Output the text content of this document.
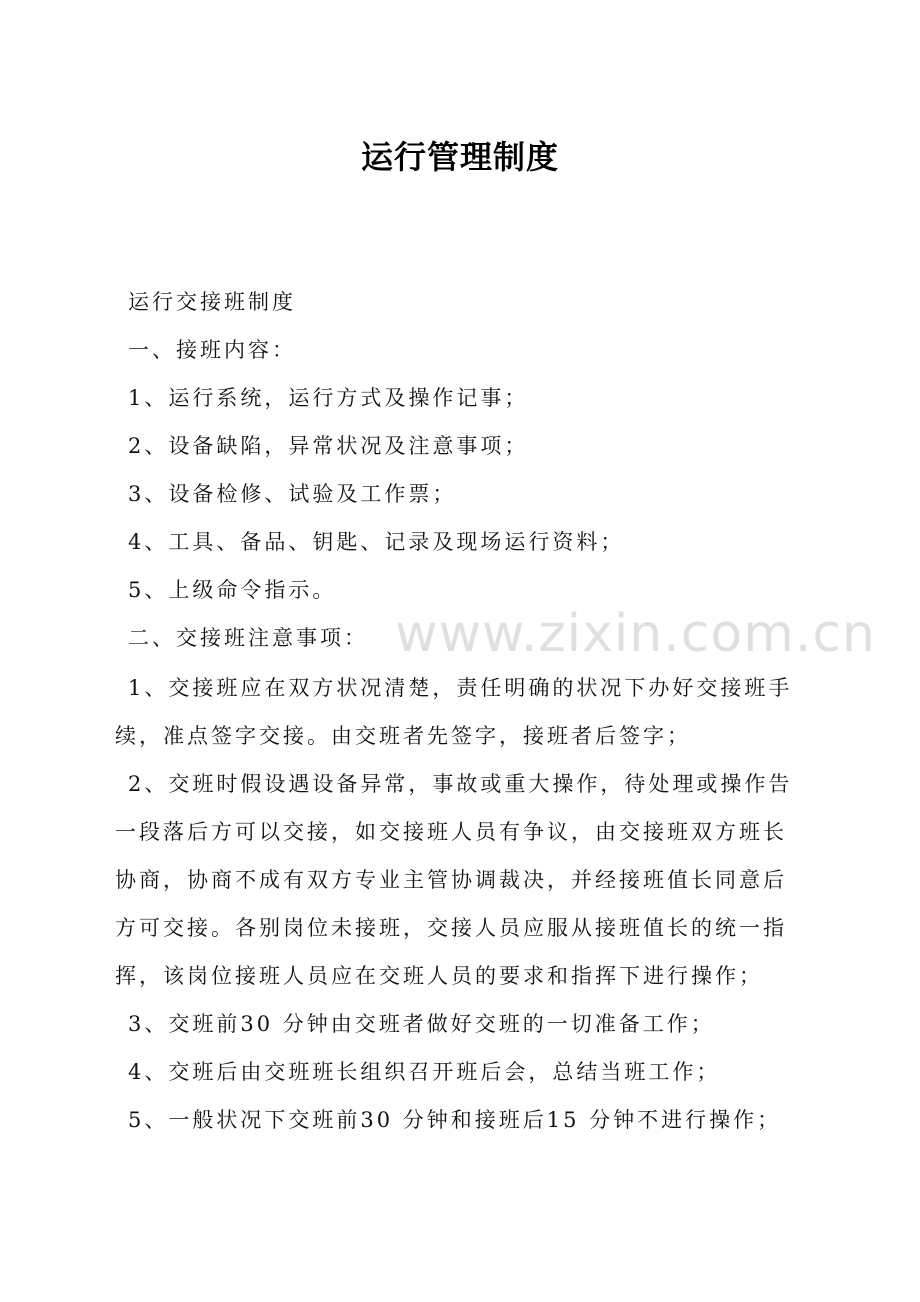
运行管理制度
运行交接班制度
一、接班内容：
1、运行系统，运行方式及操作记事；
2、设备缺陷，异常状况及注意事项；
3、设备检修、试验及工作票；
4、工具、备品、钥匙、记录及现场运行资料；
5、上级命令指示。
二、交接班注意事项：
1、交接班应在双方状况清楚，责任明确的状况下办好交接班手
续，准点签字交接。由交班者先签字，接班者后签字；
2、交班时假设遇设备异常，事故或重大操作，待处理或操作告
一段落后方可以交接，如交接班人员有争议，由交接班双方班长
协商，协商不成有双方专业主管协调裁决，并经接班值长同意后
方可交接。各别岗位未接班，交接人员应服从接班值长的统一指
挥，该岗位接班人员应在交班人员的要求和指挥下进行操作；
3、交班前30 分钟由交班者做好交班的一切准备工作；
4、交班后由交班班长组织召开班后会，总结当班工作；
5、一般状况下交班前30 分钟和接班后15 分钟不进行操作；
www.zixin.com.cn
